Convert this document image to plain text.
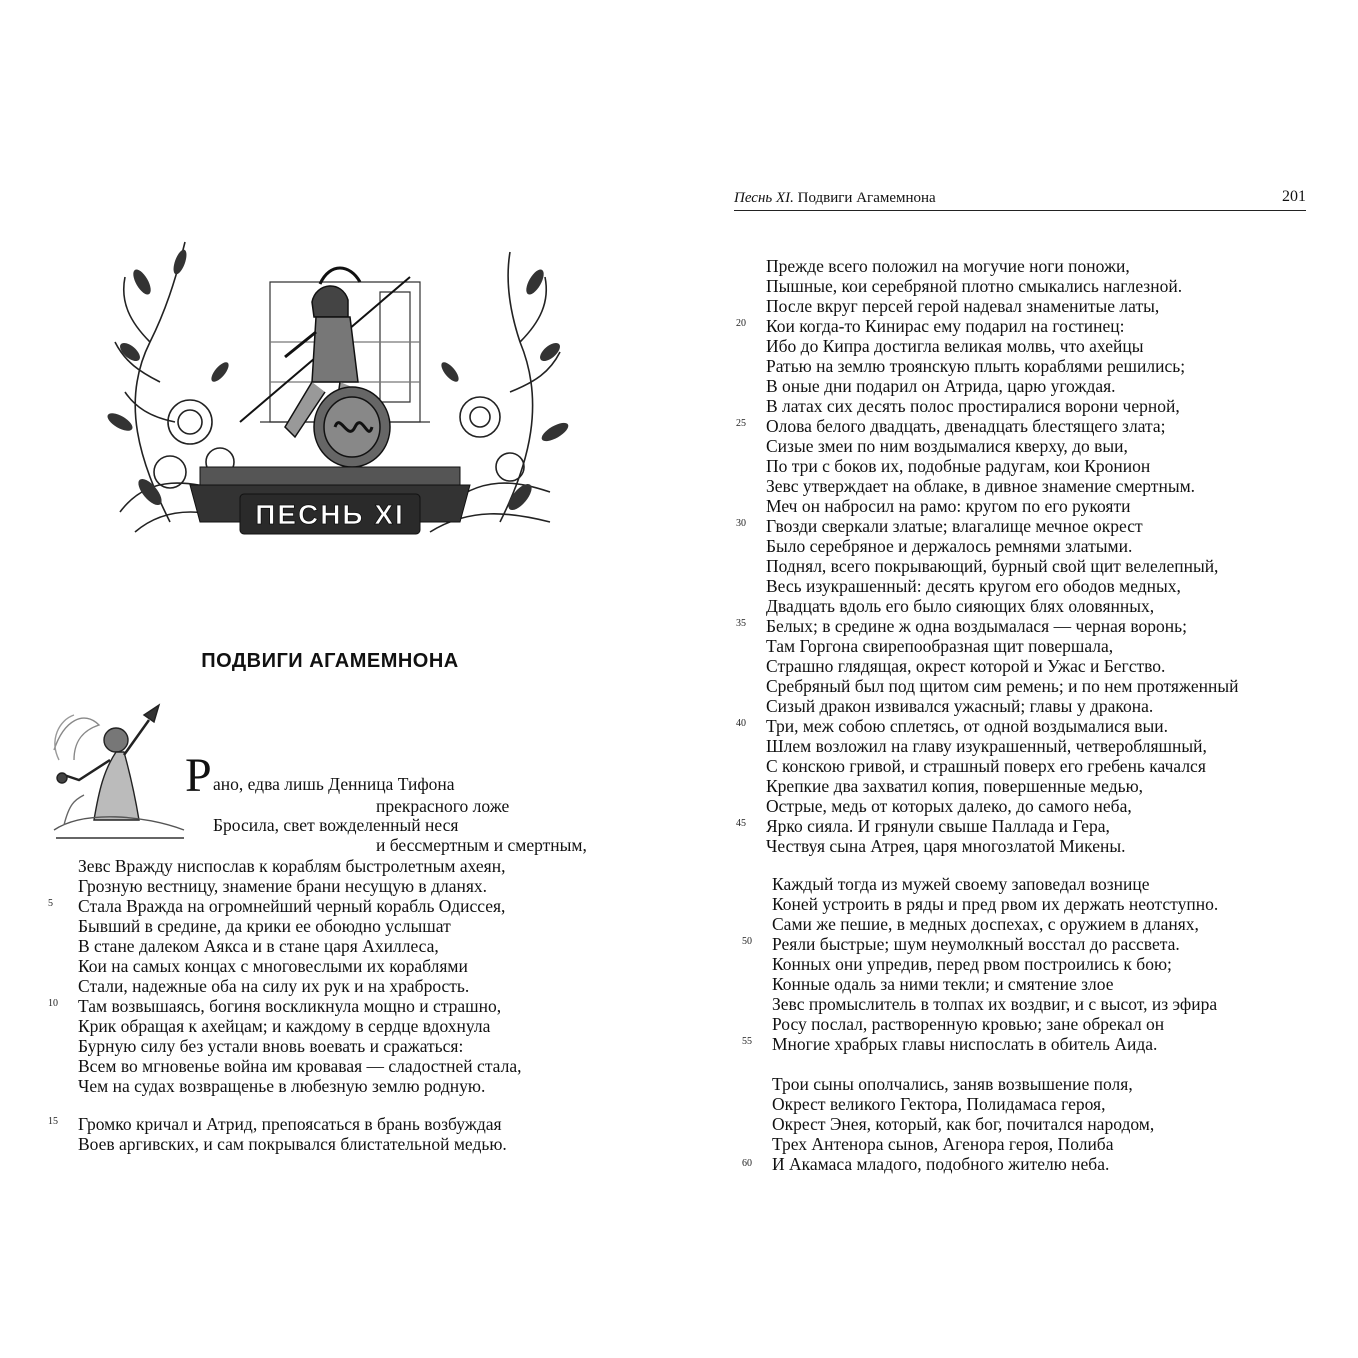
ПЕСНЬ XI
ПОДВИГИ АГАМЕМНОНА
Р ано, едва лишь Денница Тифона
прекрасного ложе
Бросила, свет вожделенный неся
и бессмертным и смертным,
Зевс Вражду ниспослав к кораблям быстролетным ахеян,
Грозную вестницу, знамение брани несущую в дланях.
5	Стала Вражда на огромнейший черный корабль Одиссея,
Бывший в средине, да крики ее обоюдно услышат
В стане далеком Аякса и в стане царя Ахиллеса,
Кои на самых концах с многовеслыми их кораблями
Стали, надежные оба на силу их рук и на храбрость.
10	Там возвышаясь, богиня воскликнула мощно и страшно,
Крик обращая к ахейцам; и каждому в сердце вдохнула
Бурную силу без устали вновь воевать и сражаться:
Всем во мгновенье война им кровавая — сладостней стала,
Чем на судах возвращенье в любезную землю родную.
15	Громко кричал и Атрид, препоясаться в брань возбуждая
Воев аргивских, и сам покрывался блистательной медью.
Песнь XI. Подвиги Агамемнона	201
Прежде всего положил на могучие ноги поножи,
Пышные, кои серебряной плотно смыкались наглезной.
После вкруг персей герой надевал знаменитые латы,
20	Кои когда-то Кинирас ему подарил на гостинец:
Ибо до Кипра достигла великая молвь, что ахейцы
Ратью на землю троянскую плыть кораблями решились;
В оные дни подарил он Атрида, царю угождая.
В латах сих десять полос простиралися ворони черной,
25	Олова белого двадцать, двенадцать блестящего злата;
Сизые змеи по ним воздымалися кверху, до выи,
По три с боков их, подобные радугам, кои Кронион
Зевс утверждает на облаке, в дивное знамение смертным.
Меч он набросил на рамо: кругом по его рукояти
30	Гвозди сверкали златые; влагалище мечное окрест
Было серебряное и держалось ремнями златыми.
Поднял, всего покрывающий, бурный свой щит велелепный,
Весь изукрашенный: десять кругом его ободов медных,
Двадцать вдоль его было сияющих блях оловянных,
35	Белых; в средине ж одна воздымалася — черная воронь;
Там Горгона свирепообразная щит повершала,
Страшно глядящая, окрест которой и Ужас и Бегство.
Сребряный был под щитом сим ремень; и по нем протяженный
Сизый дракон извивался ужасный; главы у дракона.
40	Три, меж собою сплетясь, от одной воздымалися выи.
Шлем возложил на главу изукрашенный, четверобляшный,
С конскою гривой, и страшный поверх его гребень качался
Крепкие два захватил копия, повершенные медью,
Острые, медь от которых далеко, до самого неба,
45	Ярко сияла. И грянули свыше Паллада и Гера,
Чествуя сына Атрея, царя многозлатой Микены.
Каждый тогда из мужей своему заповедал вознице
Коней устроить в ряды и пред рвом их держать неотступно.
Сами же пешие, в медных доспехах, с оружием в дланях,
50	Реяли быстрые; шум неумолкный восстал до рассвета.
Конных они упредив, перед рвом построились к бою;
Конные одаль за ними текли; и смятение злое
Зевс промыслитель в толпах их воздвиг, и с высот, из эфира
Росу послал, растворенную кровью; зане обрекал он
55	Многие храбрых главы ниспослать в обитель Аида.
Трои сыны ополчались, заняв возвышение поля,
Окрест великого Гектора, Полидамаса героя,
Окрест Энея, который, как бог, почитался народом,
Трех Антенора сынов, Агенора героя, Полиба
60	И Акамаса младого, подобного жителю неба.
